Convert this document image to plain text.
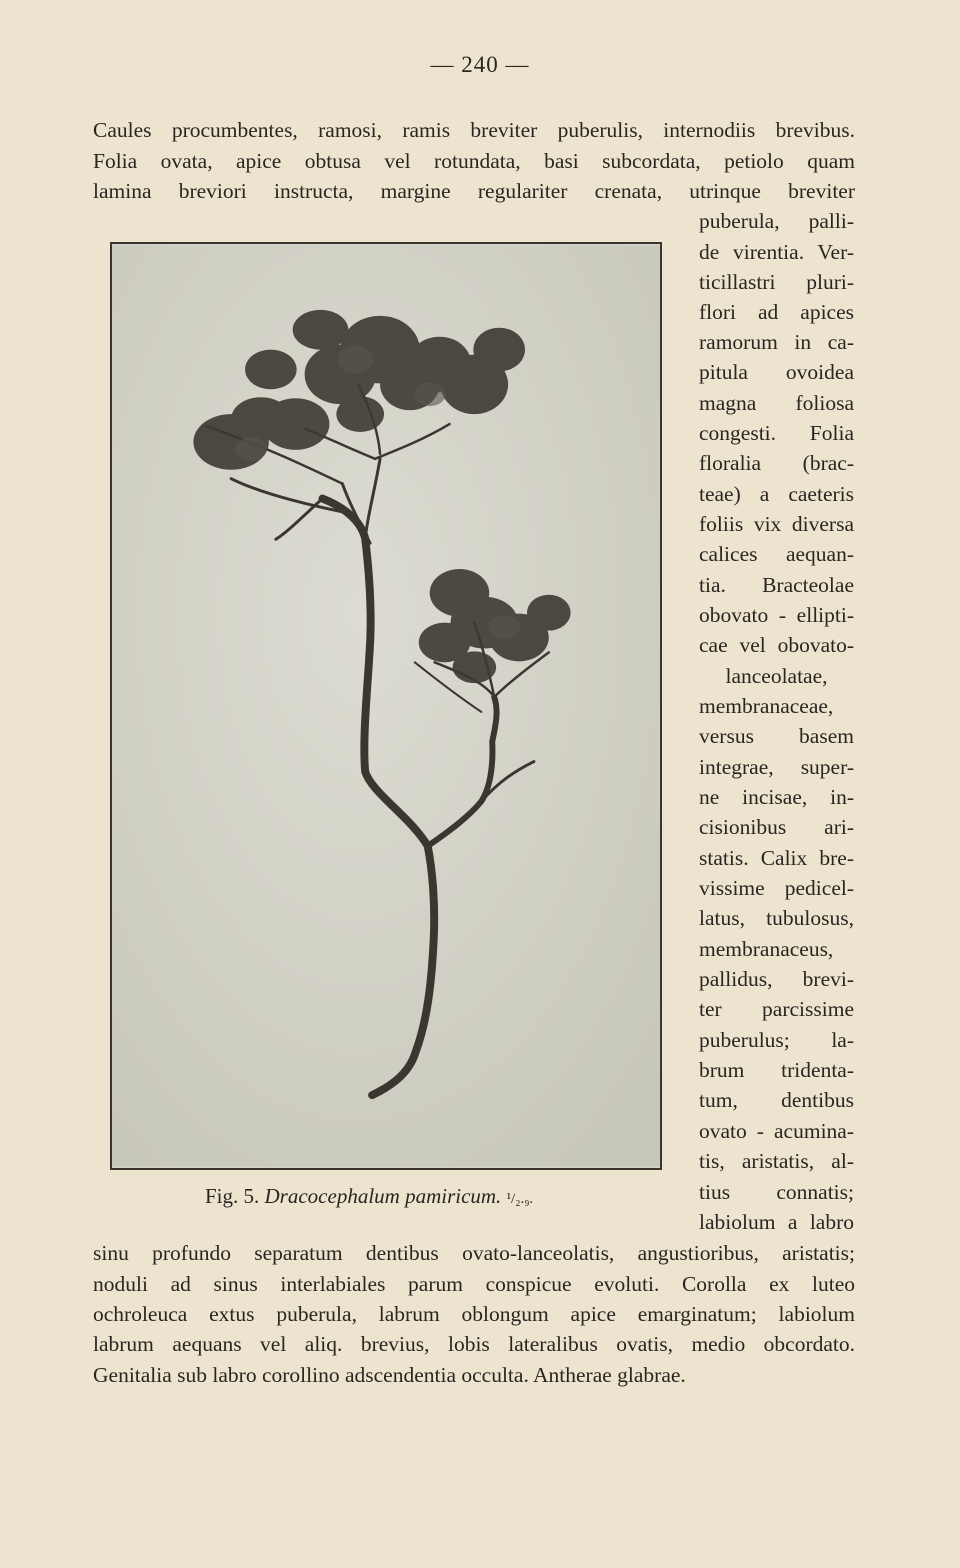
— 240 —
Caules procumbentes, ramosi, ramis breviter puberulis, internodiis brevibus.
Folia ovata, apice obtusa vel rotundata, basi subcordata, petiolo quam
lamina breviori instructa, margine regulariter crenata, utrinque breviter
puberula, palli-
de virentia. Ver-
ticillastri pluri-
flori ad apices
ramorum in ca-
pitula ovoidea
magna foliosa
congesti. Folia
floralia (brac-
teae) a caeteris
foliis vix diversa
calices aequan-
tia. Bracteolae
obovato - ellipti-
cae vel obovato-
lanceolatae,
membranaceae,
versus basem
integrae, super-
ne incisae, in-
cisionibus ari-
statis. Calix bre-
vissime pedicel-
latus, tubulosus,
membranaceus,
pallidus, brevi-
ter parcissime
puberulus; la-
brum tridenta-
tum, dentibus
ovato - acumina-
tis, aristatis, al-
tius connatis;
labiolum a labro
Fig. 5. Dracocephalum pamiricum. ¹/₂.₉.
sinu profundo separatum dentibus ovato-lanceolatis, angustioribus, aristatis;
noduli ad sinus interlabiales parum conspicue evoluti. Corolla ex luteo
ochroleuca extus puberula, labrum oblongum apice emarginatum; labiolum
labrum aequans vel aliq. brevius, lobis lateralibus ovatis, medio obcordato.
Genitalia sub labro corollino adscendentia occulta. Antherae glabrae.
